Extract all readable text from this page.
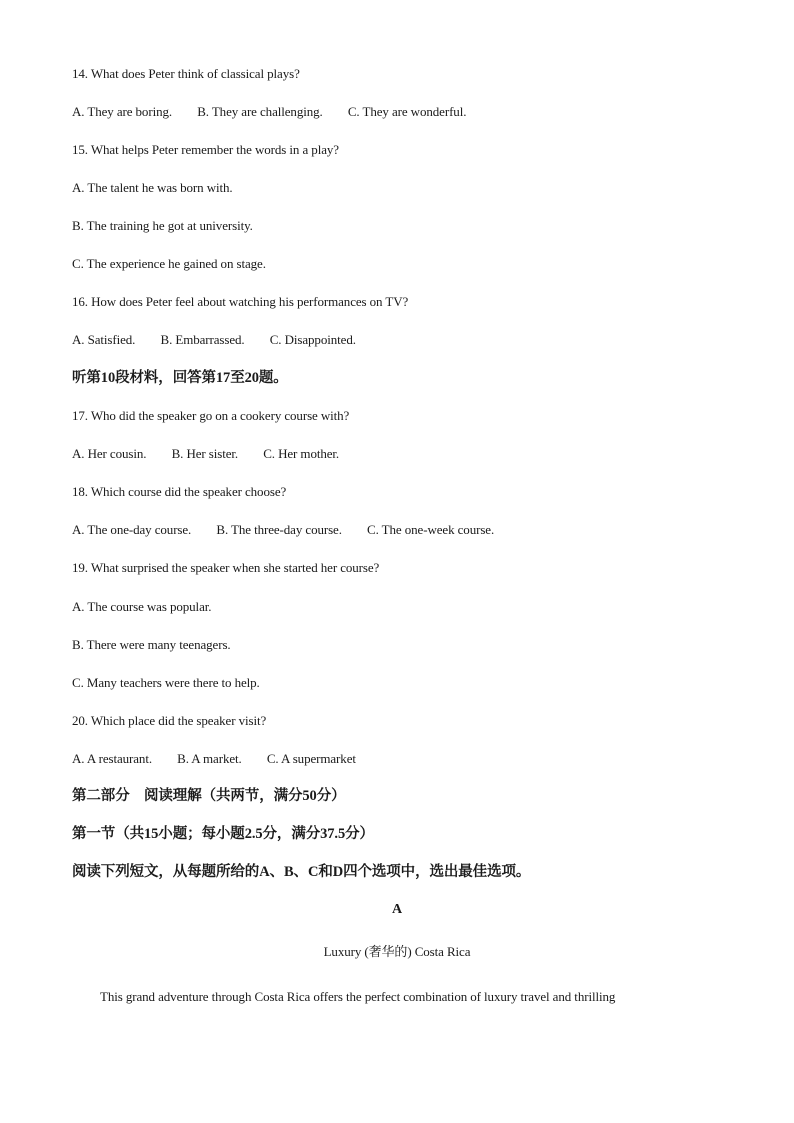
14. What does Peter think of classical plays?
A. They are boring. B. They are challenging. C. They are wonderful.
15. What helps Peter remember the words in a play?
A. The talent he was born with.
B. The training he got at university.
C. The experience he gained on stage.
16. How does Peter feel about watching his performances on TV?
A. Satisfied. B. Embarrassed. C. Disappointed.
听第10段材料，回答第17至20题。
17. Who did the speaker go on a cookery course with?
A. Her cousin. B. Her sister. C. Her mother.
18. Which course did the speaker choose?
A. The one-day course. B. The three-day course. C. The one-week course.
19. What surprised the speaker when she started her course?
A. The course was popular.
B. There were many teenagers.
C. Many teachers were there to help.
20. Which place did the speaker visit?
A. A restaurant. B. A market. C. A supermarket
第二部分　阅读理解（共两节，满分50分）
第一节（共15小题；每小题2.5分，满分37.5分）
阅读下列短文，从每题所给的A、B、C和D四个选项中，选出最佳选项。
A
Luxury (奢华的) Costa Rica
This grand adventure through Costa Rica offers the perfect combination of luxury travel and thrilling
